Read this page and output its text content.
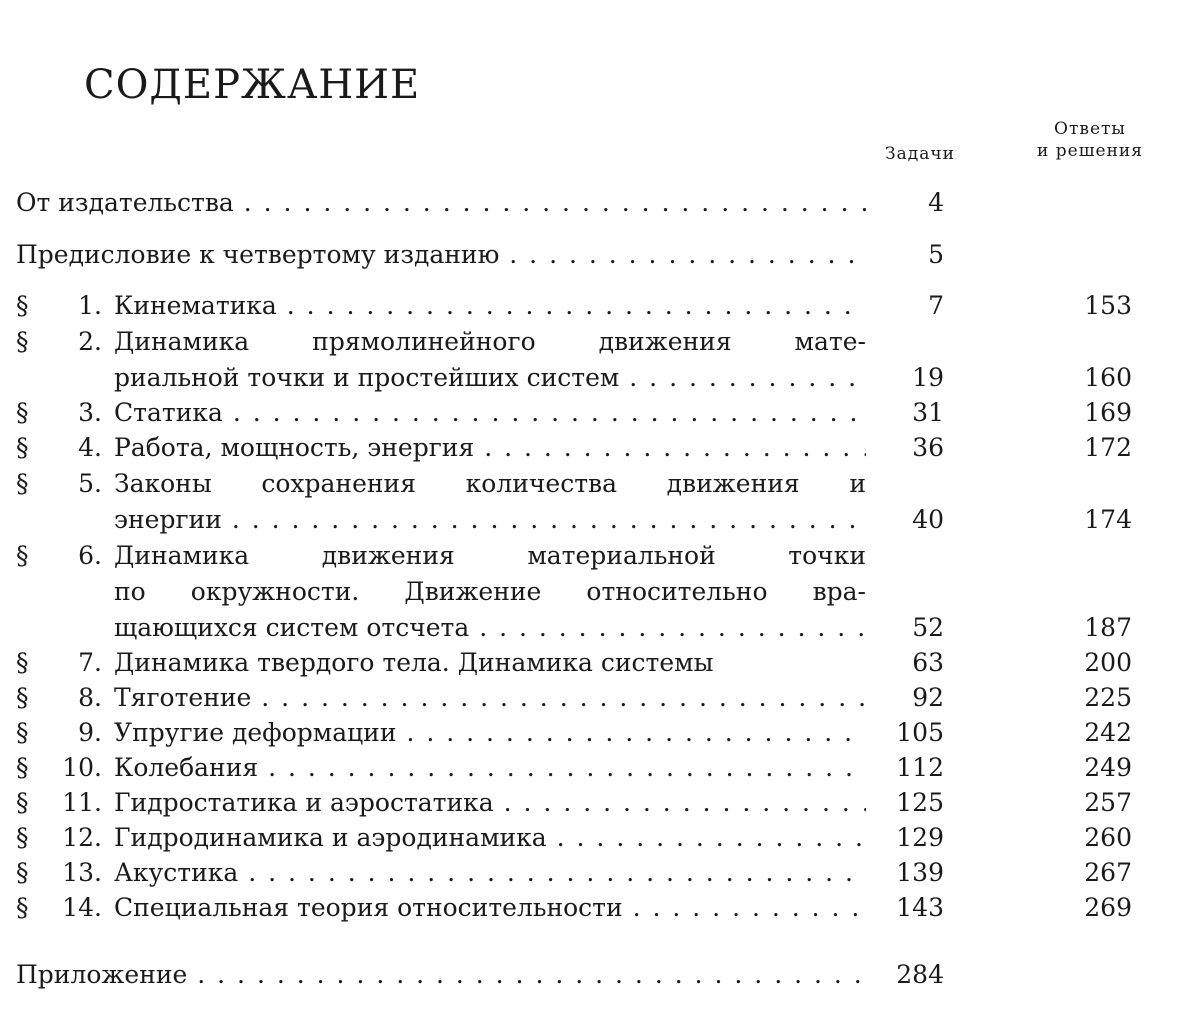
СОДЕРЖАНИЕ
Задачи
Ответы
и решения
От издательства . . .	4
Предисловие к четвертому изданию . . .	5
§	1. Кинематика . . .	7	153
§	2. Динамика прямолинейного движения мате-
риальной точки и простейших систем . . .	19	160
§	3. Статика . . .	31	169
§	4. Работа, мощность, энергия . . .	36	172
§	5. Законы сохранения количества движения и
энергии . . .	40	174
§	6. Динамика движения материальной точки
по окружности. Движение относительно вра-
щающихся систем отсчета . . .	52	187
§	7. Динамика твердого тела. Динамика системы	63	200
§	8. Тяготение . . .	92	225
§	9. Упругие деформации . . .	105	242
§	10. Колебания . . .	112	249
§	11. Гидростатика и аэростатика . . .	125	257
§	12. Гидродинамика и аэродинамика . . .	129	260
§	13. Акустика . . .	139	267
§	14. Специальная теория относительности . . .	143	269
Приложение . . .	284
